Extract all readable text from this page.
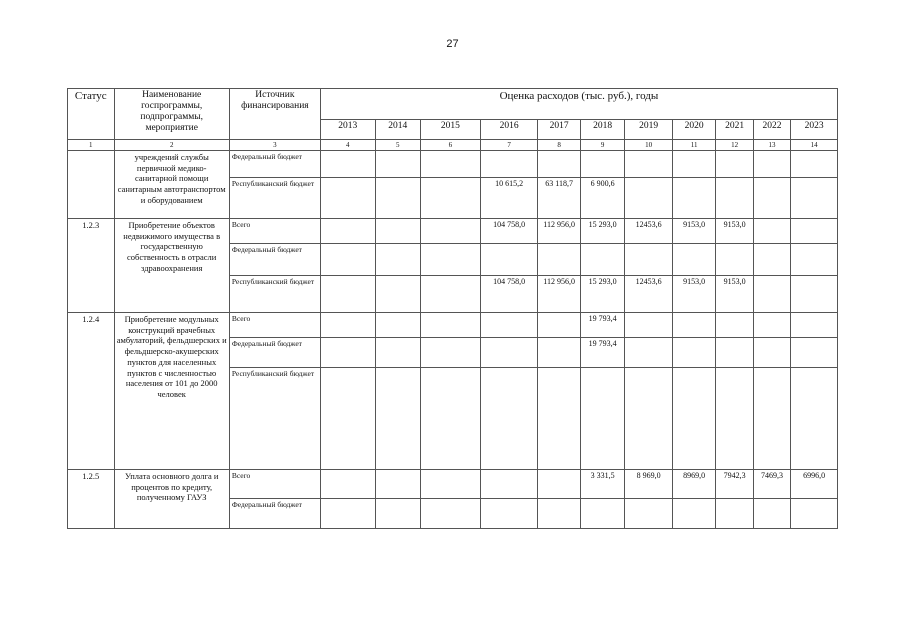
27
Статус	Наименование госпрограммы, подпрограммы, мероприятие	Источник финансирования	Оценка расходов (тыс. руб.), годы										
			2013	2014	2015	2016	2017	2018	2019	2020	2021	2022	2023
1	2	3	4	5	6	7	8	9	10	11	12	13	14
	учреждений службы первичной медико-санитарной помощи санитарным автотранспортом и оборудованием	Федеральный бюджет											
		Республиканский бюджет				10 615,2	63 118,7	6 900,6					
1.2.3	Приобретение объектов недвижимого имущества в государственную собственность в отрасли здравоохранения	Всего				104 758,0	112 956,0	15 293,0	12453,6	9153,0	9153,0		
		Федеральный бюджет											
		Республиканский бюджет				104 758,0	112 956,0	15 293,0	12453,6	9153,0	9153,0		
1.2.4	Приобретение модульных конструкций врачебных амбулаторий, фельдшерских и фельдшерско-акушерских пунктов для населенных пунктов с численностью населения от 101 до 2000 человек	Всего						19 793,4					
		Федеральный бюджет						19 793,4					
		Республиканский бюджет											
1.2.5	Уплата основного долга и процентов по кредиту, полученному ГАУЗ	Всего						3 331,5	8 969,0	8969,0	7942,3	7469,3	6996,0
		Федеральный бюджет											
